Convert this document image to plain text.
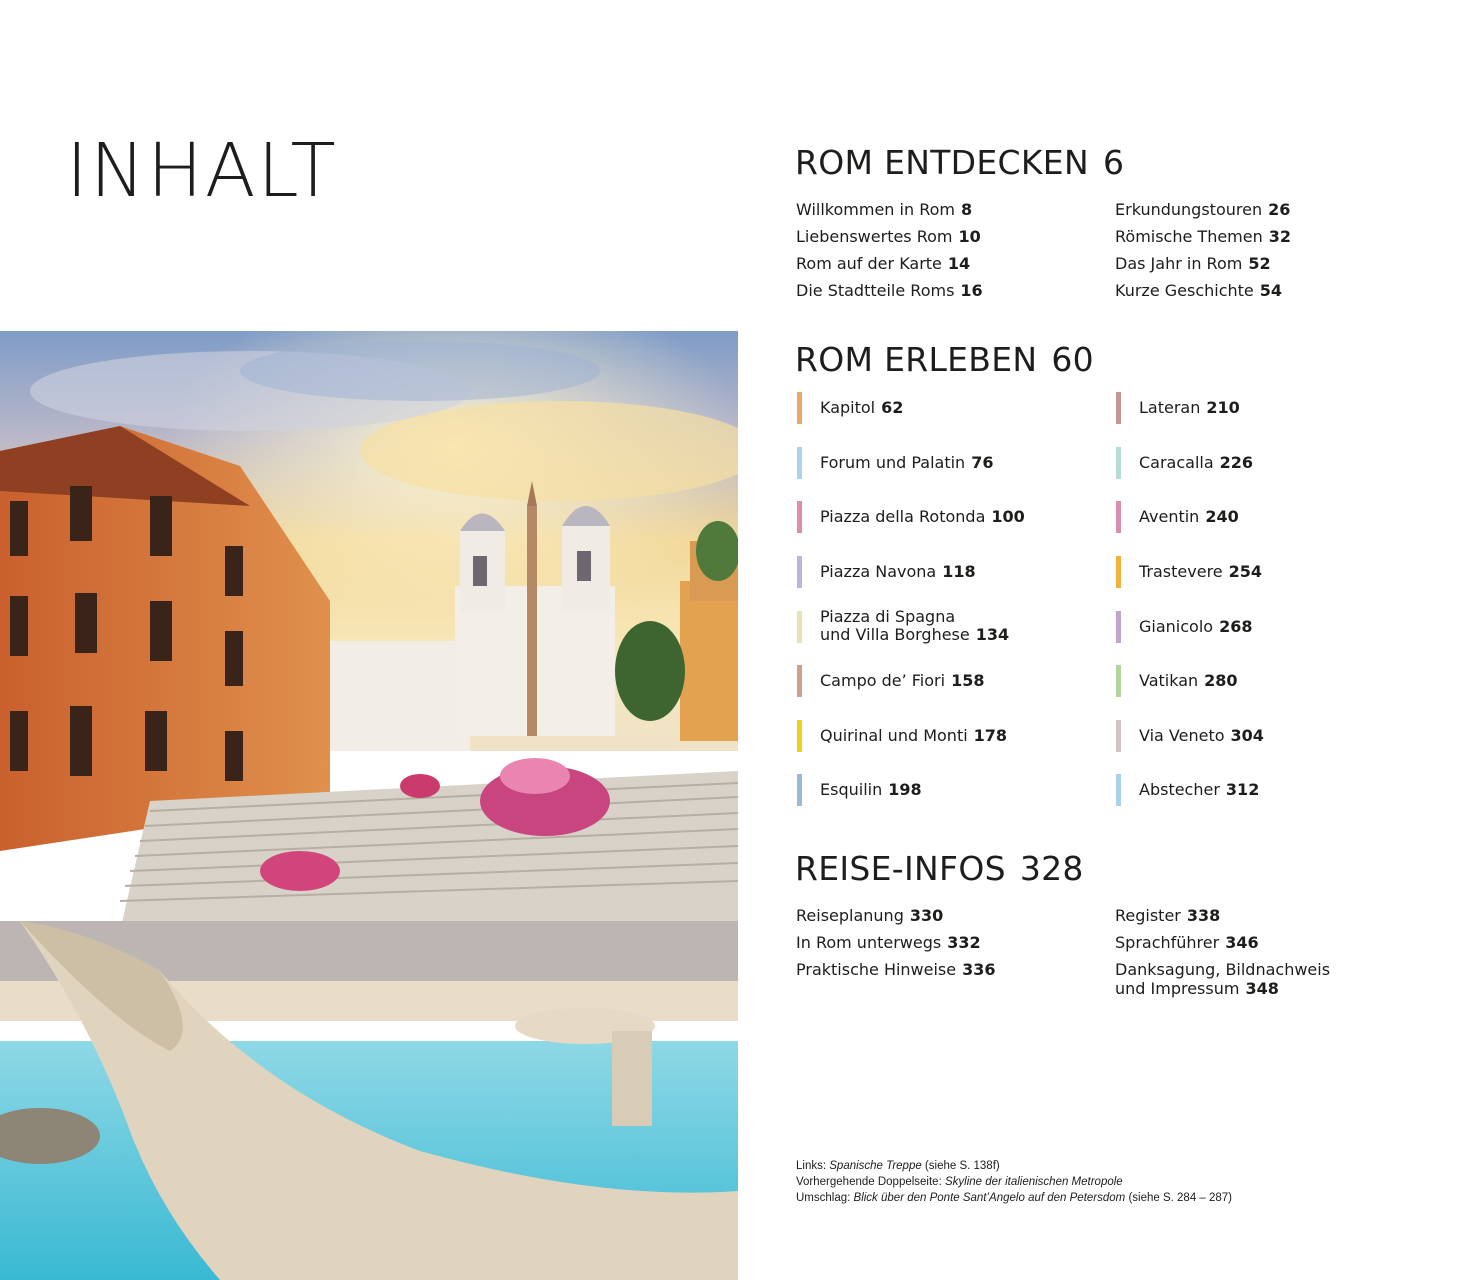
INHALT	ROM ENTDECKEN 6
Willkommen in Rom 8
Liebenswertes Rom 10
Rom auf der Karte 14
Die Stadtteile Roms 16
Erkundungstouren 26
Römische Themen 32
Das Jahr in Rom 52
Kurze Geschichte 54
ROM ERLEBEN 60
Kapitol 62
Forum und Palatin 76
Piazza della Rotonda 100
Piazza Navona 118
Piazza di Spagna
und Villa Borghese 134
Campo de’ Fiori 158
Quirinal und Monti 178
Esquilin 198
Lateran 210
Caracalla 226
Aventin 240
Trastevere 254
Gianicolo 268
Vatikan 280
Via Veneto 304
Abstecher 312
REISE-INFOS 328
Reiseplanung 330
In Rom unterwegs 332
Praktische Hinweise 336
Register 338
Sprachführer 346
Danksagung, Bildnachweis
und Impressum 348
Links: Spanische Treppe (siehe S. 138f)
Vorhergehende Doppelseite: Skyline der italienischen Metropole
Umschlag: Blick über den Ponte Sant’Angelo auf den Petersdom (siehe S. 284 – 287)
